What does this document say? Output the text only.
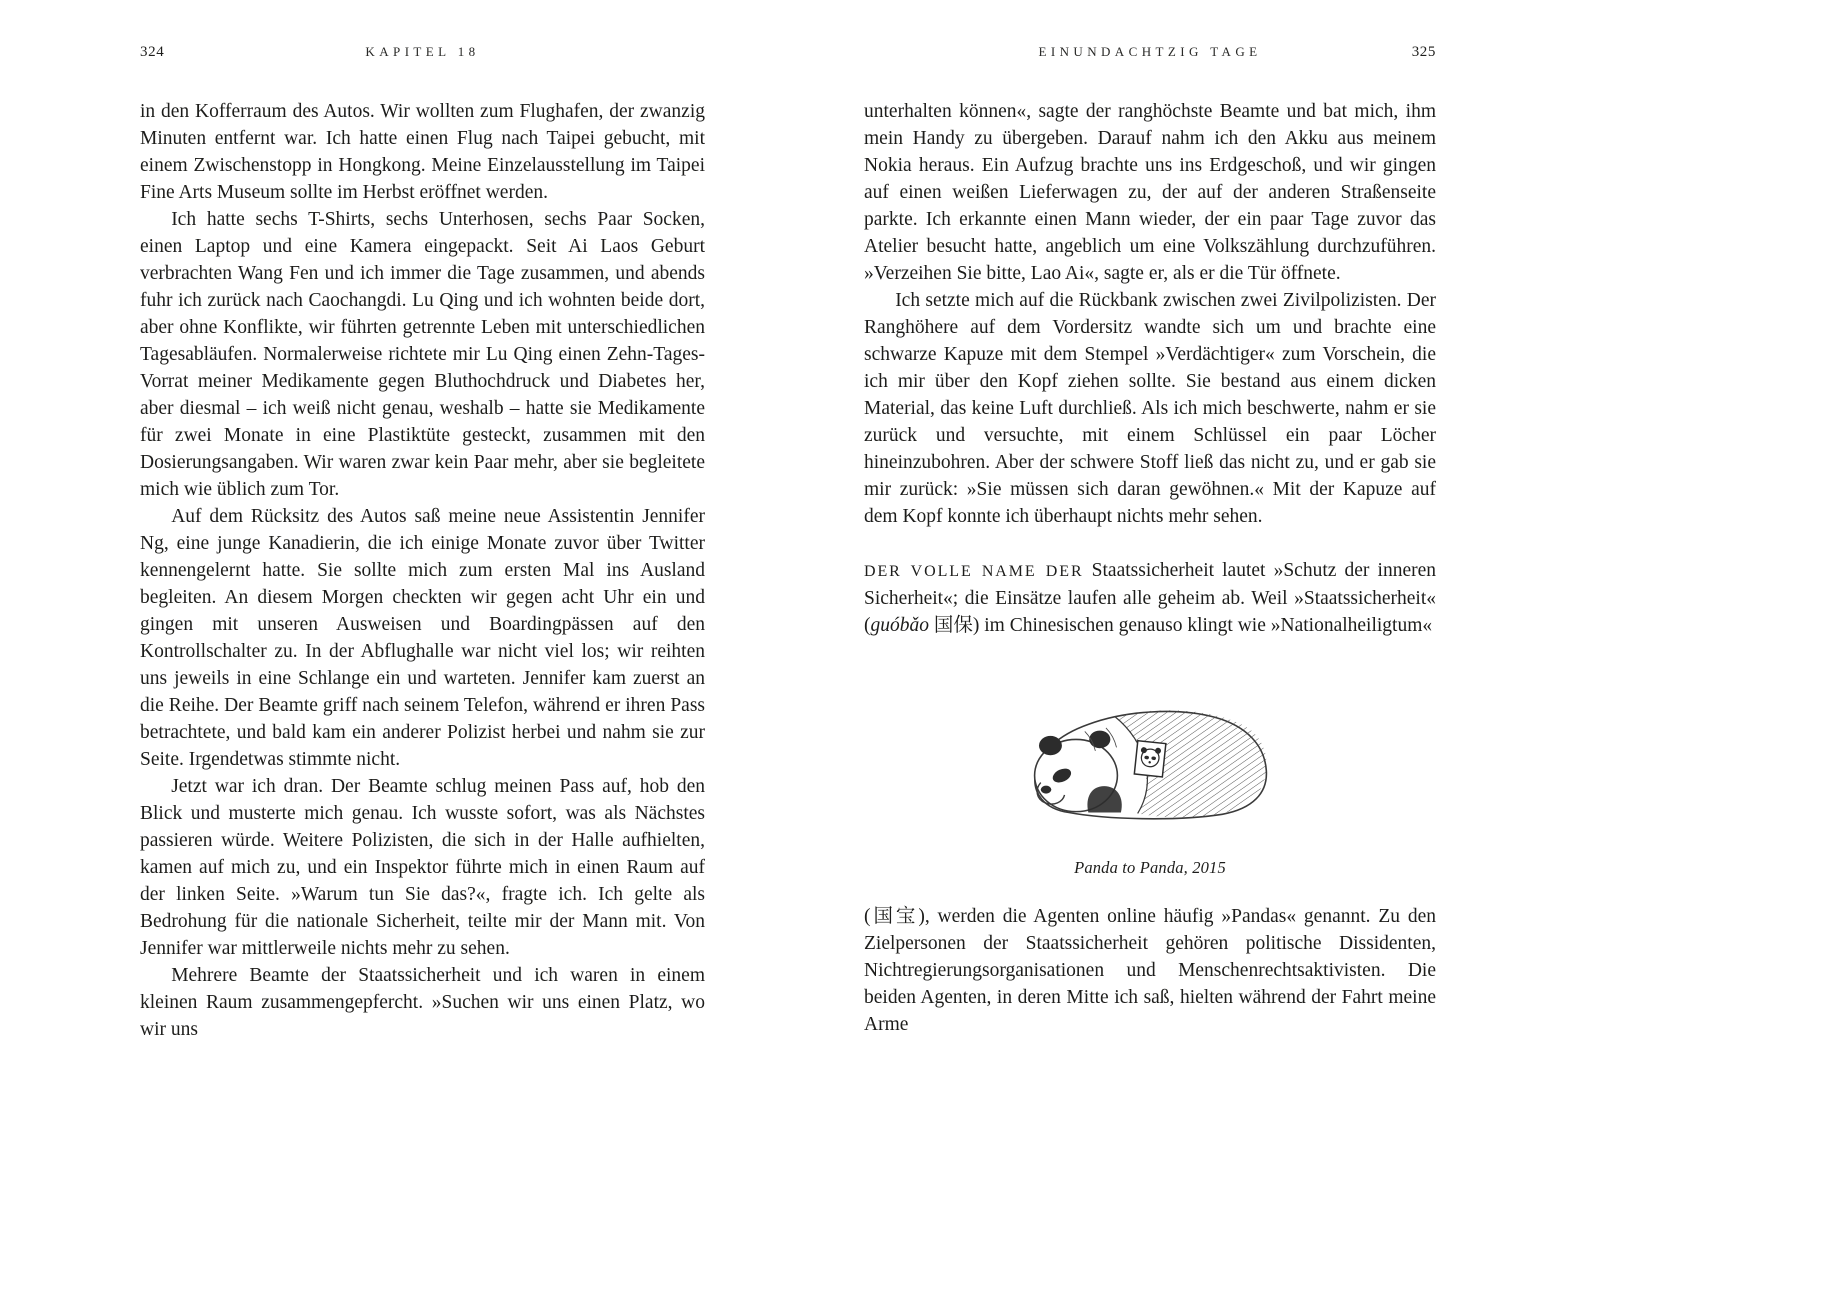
324	KAPITEL 18

in den Kofferraum des Autos. Wir wollten zum Flughafen, der zwanzig Minuten entfernt war. Ich hatte einen Flug nach Taipei gebucht, mit einem Zwischenstopp in Hongkong. Meine Einzelausstellung im Taipei Fine Arts Museum sollte im Herbst eröffnet werden.

Ich hatte sechs T-Shirts, sechs Unterhosen, sechs Paar Socken, einen Laptop und eine Kamera eingepackt. Seit Ai Laos Geburt verbrachten Wang Fen und ich immer die Tage zusammen, und abends fuhr ich zurück nach Caochangdi. Lu Qing und ich wohnten beide dort, aber ohne Konflikte, wir führten getrennte Leben mit unterschiedlichen Tagesabläufen. Normalerweise richtete mir Lu Qing einen Zehn-Tages-Vorrat meiner Medikamente gegen Bluthochdruck und Diabetes her, aber diesmal – ich weiß nicht genau, weshalb – hatte sie Medikamente für zwei Monate in eine Plastiktüte gesteckt, zusammen mit den Dosierungsangaben. Wir waren zwar kein Paar mehr, aber sie begleitete mich wie üblich zum Tor.

Auf dem Rücksitz des Autos saß meine neue Assistentin Jennifer Ng, eine junge Kanadierin, die ich einige Monate zuvor über Twitter kennengelernt hatte. Sie sollte mich zum ersten Mal ins Ausland begleiten. An diesem Morgen checkten wir gegen acht Uhr ein und gingen mit unseren Ausweisen und Boardingpässen auf den Kontrollschalter zu. In der Abflughalle war nicht viel los; wir reihten uns jeweils in eine Schlange ein und warteten. Jennifer kam zuerst an die Reihe. Der Beamte griff nach seinem Telefon, während er ihren Pass betrachtete, und bald kam ein anderer Polizist herbei und nahm sie zur Seite. Irgendetwas stimmte nicht.

Jetzt war ich dran. Der Beamte schlug meinen Pass auf, hob den Blick und musterte mich genau. Ich wusste sofort, was als Nächstes passieren würde. Weitere Polizisten, die sich in der Halle aufhielten, kamen auf mich zu, und ein Inspektor führte mich in einen Raum auf der linken Seite. »Warum tun Sie das?«, fragte ich. Ich gelte als Bedrohung für die nationale Sicherheit, teilte mir der Mann mit. Von Jennifer war mittlerweile nichts mehr zu sehen.

Mehrere Beamte der Staatssicherheit und ich waren in einem kleinen Raum zusammengepfercht. »Suchen wir uns einen Platz, wo wir uns

EINUNDACHTZIG TAGE	325

unterhalten können«, sagte der ranghöchste Beamte und bat mich, ihm mein Handy zu übergeben. Darauf nahm ich den Akku aus meinem Nokia heraus. Ein Aufzug brachte uns ins Erdgeschoß, und wir gingen auf einen weißen Lieferwagen zu, der auf der anderen Straßenseite parkte. Ich erkannte einen Mann wieder, der ein paar Tage zuvor das Atelier besucht hatte, angeblich um eine Volkszählung durchzuführen. »Verzeihen Sie bitte, Lao Ai«, sagte er, als er die Tür öffnete.

Ich setzte mich auf die Rückbank zwischen zwei Zivilpolizisten. Der Ranghöhere auf dem Vordersitz wandte sich um und brachte eine schwarze Kapuze mit dem Stempel »Verdächtiger« zum Vorschein, die ich mir über den Kopf ziehen sollte. Sie bestand aus einem dicken Material, das keine Luft durchließ. Als ich mich beschwerte, nahm er sie zurück und versuchte, mit einem Schlüssel ein paar Löcher hineinzubohren. Aber der schwere Stoff ließ das nicht zu, und er gab sie mir zurück: »Sie müssen sich daran gewöhnen.« Mit der Kapuze auf dem Kopf konnte ich überhaupt nichts mehr sehen.

DER VOLLE NAME DER Staatssicherheit lautet »Schutz der inneren Sicherheit«; die Einsätze laufen alle geheim ab. Weil »Staatssicherheit« (guóbǎo 国保) im Chinesischen genauso klingt wie »Nationalheiligtum«

Panda to Panda, 2015

(国宝), werden die Agenten online häufig »Pandas« genannt. Zu den Zielpersonen der Staatssicherheit gehören politische Dissidenten, Nichtregierungsorganisationen und Menschenrechtsaktivisten. Die beiden Agenten, in deren Mitte ich saß, hielten während der Fahrt meine Arme
